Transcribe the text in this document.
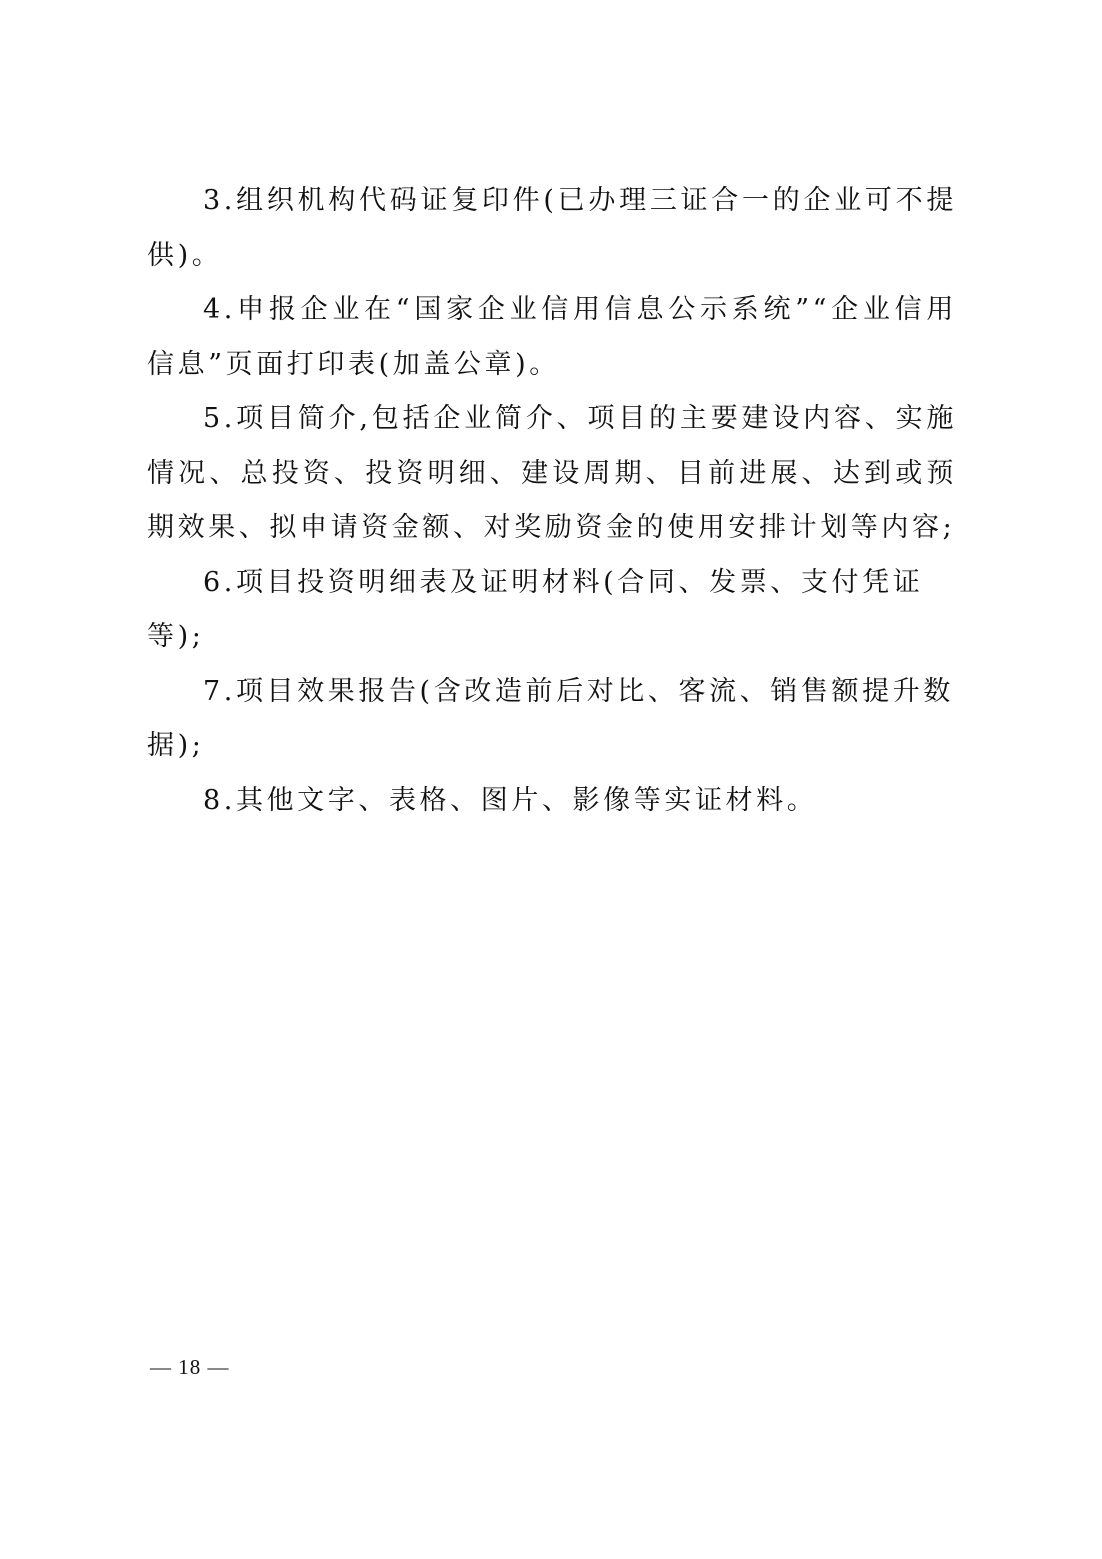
3.组织机构代码证复印件(已办理三证合一的企业可不提供)。

4.申报企业在“国家企业信用信息公示系统”“企业信用信息”页面打印表(加盖公章)。

5.项目简介,包括企业简介、项目的主要建设内容、实施情况、总投资、投资明细、建设周期、目前进展、达到或预期效果、拟申请资金额、对奖励资金的使用安排计划等内容;

6.项目投资明细表及证明材料(合同、发票、支付凭证等);

7.项目效果报告(含改造前后对比、客流、销售额提升数据);

8.其他文字、表格、图片、影像等实证材料。

— 18 —
